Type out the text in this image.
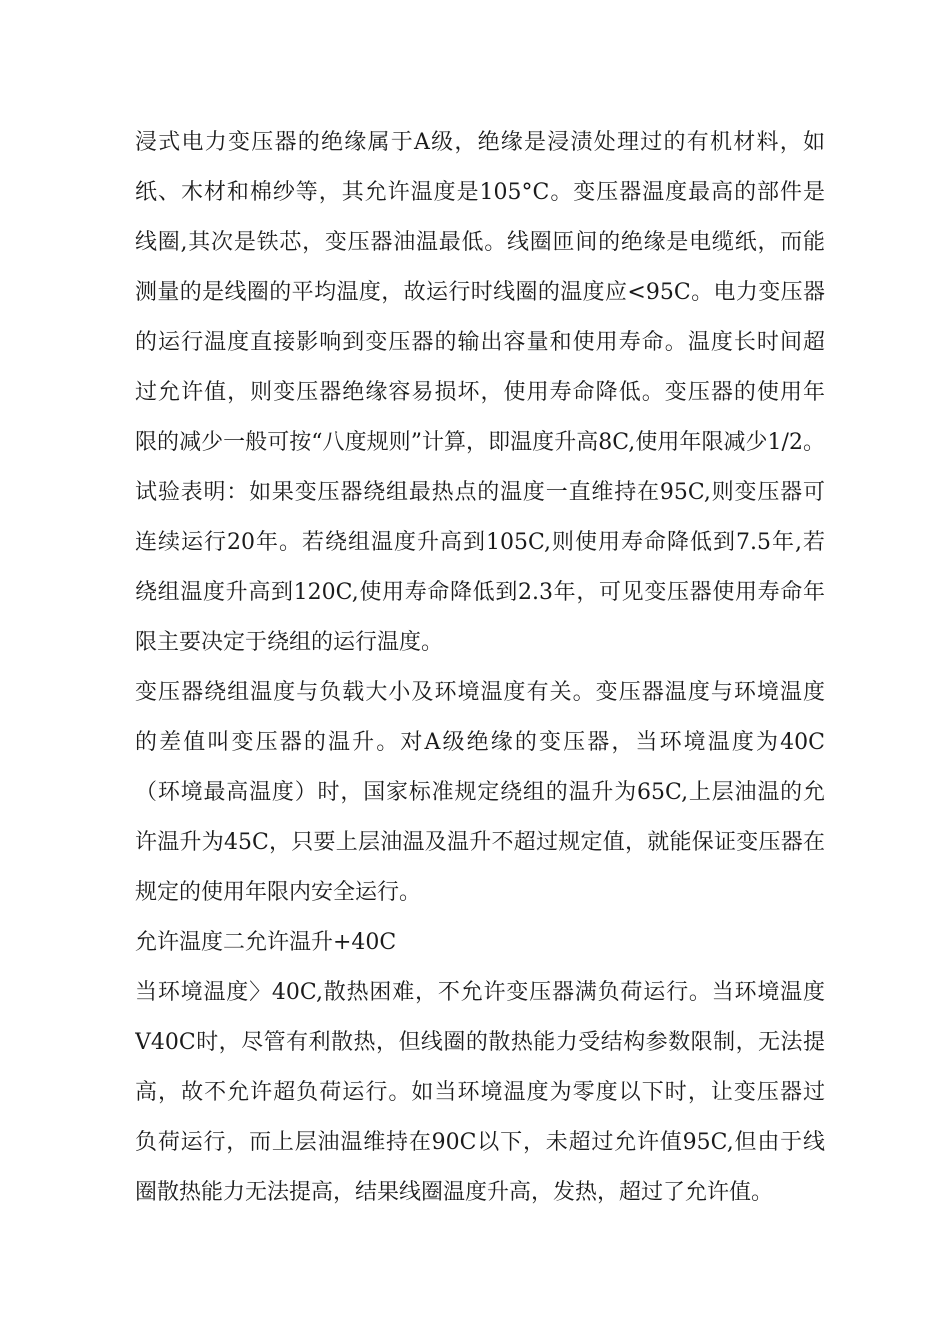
浸式电力变压器的绝缘属于A级，绝缘是浸渍处理过的有机材料，如
纸、木材和棉纱等，其允许温度是105°C。变压器温度最高的部件是
线圈,其次是铁芯，变压器油温最低。线圈匝间的绝缘是电缆纸，而能
测量的是线圈的平均温度，故运行时线圈的温度应<95C。电力变压器
的运行温度直接影响到变压器的输出容量和使用寿命。温度长时间超
过允许值，则变压器绝缘容易损坏，使用寿命降低。变压器的使用年
限的减少一般可按“八度规则”计算，即温度升高8C,使用年限减少1/2。
试验表明：如果变压器绕组最热点的温度一直维持在95C,则变压器可
连续运行20年。若绕组温度升高到105C,则使用寿命降低到7.5年,若
绕组温度升高到120C,使用寿命降低到2.3年，可见变压器使用寿命年
限主要决定于绕组的运行温度。
变压器绕组温度与负载大小及环境温度有关。变压器温度与环境温度
的差值叫变压器的温升。对A级绝缘的变压器，当环境温度为40C
（环境最高温度）时，国家标准规定绕组的温升为65C,上层油温的允
许温升为45C，只要上层油温及温升不超过规定值，就能保证变压器在
规定的使用年限内安全运行。
允许温度二允许温升+40C
当环境温度〉40C,散热困难，不允许变压器满负荷运行。当环境温度
V40C时，尽管有利散热，但线圈的散热能力受结构参数限制，无法提
高，故不允许超负荷运行。如当环境温度为零度以下时，让变压器过
负荷运行，而上层油温维持在90C以下，未超过允许值95C,但由于线
圈散热能力无法提高，结果线圈温度升高，发热，超过了允许值。
